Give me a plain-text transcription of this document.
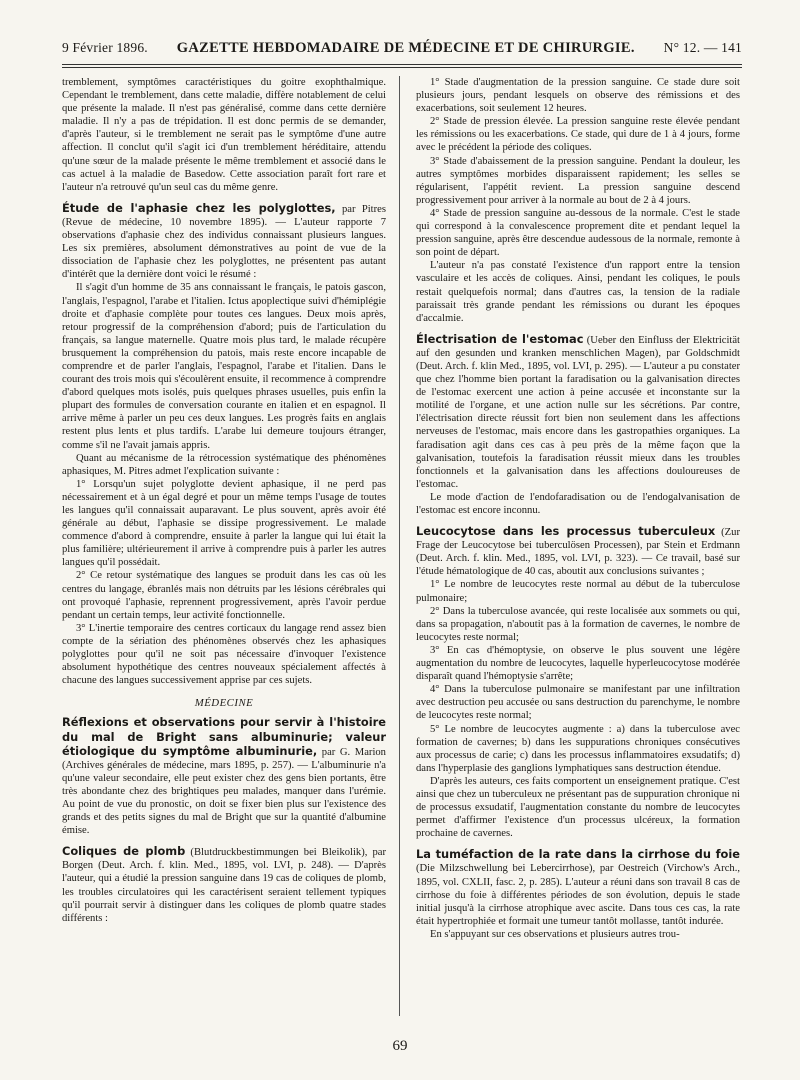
9 Février 1896. GAZETTE HEBDOMADAIRE DE MÉDECINE ET DE CHIRURGIE. N° 12. — 141

tremblement, symptômes caractéristiques du goitre exophthalmique. Cependant le tremblement, dans cette maladie, diffère notablement de celui que présente la malade. Il n'est pas généralisé, comme dans cette dernière maladie. Il n'y a pas de trépidation. Il est donc permis de se demander, d'après l'auteur, si le tremblement ne serait pas le symptôme d'une autre affection. Il conclut qu'il s'agit ici d'un tremblement héréditaire, attendu qu'une sœur de la malade présente le même tremblement et associé dans le cas actuel à la maladie de Basedow. Cette association paraît fort rare et l'auteur n'a retrouvé qu'un seul cas du même genre.

Étude de l'aphasie chez les polyglottes, par Pitres (Revue de médecine, 10 novembre 1895). — L'auteur rapporte 7 observations d'aphasie chez des individus connaissant plusieurs langues. Les six premières, absolument démonstratives au point de vue de la dissociation de l'aphasie chez les polyglottes, ne présentent pas autant d'intérêt que la dernière dont voici le résumé :

Il s'agit d'un homme de 35 ans connaissant le français, le patois gascon, l'anglais, l'espagnol, l'arabe et l'italien. Ictus apoplectique suivi d'hémiplégie droite et d'aphasie complète pour toutes ces langues. Deux mois après, retour progressif de la compréhension d'abord; puis de l'articulation du français, sa langue maternelle. Quatre mois plus tard, le malade récupère brusquement la compréhension du patois, mais reste encore incapable de comprendre et de parler l'anglais, l'espagnol, l'arabe et l'italien. Dans le courant des trois mois qui s'écoulèrent ensuite, il recommence à comprendre d'abord quelques mots isolés, puis quelques phrases usuelles, puis enfin la plupart des formules de conversation courante en italien et en espagnol. Il arrive même à parler un peu ces deux langues. Les progrès faits en anglais restent plus lents et plus tardifs. L'arabe lui demeure toujours étranger, comme s'il ne l'avait jamais appris.

Quant au mécanisme de la rétrocession systématique des phénomènes aphasiques, M. Pitres admet l'explication suivante :

1° Lorsqu'un sujet polyglotte devient aphasique, il ne perd pas nécessairement et à un égal degré et pour un même temps l'usage de toutes les langues qu'il connaissait auparavant. Le plus souvent, après avoir été générale au début, l'aphasie se dissipe progressivement. Le malade commence d'abord à comprendre, ensuite à parler la langue qui lui était la plus familière; ultérieurement il arrive à comprendre puis à parler les autres langues qu'il possédait.

2° Ce retour systématique des langues se produit dans les cas où les centres du langage, ébranlés mais non détruits par les lésions cérébrales qui ont provoqué l'aphasie, reprennent progressivement, après l'avoir perdue pendant un certain temps, leur activité fonctionnelle.

3° L'inertie temporaire des centres corticaux du langage rend assez bien compte de la sériation des phénomènes observés chez les aphasiques polyglottes pour qu'il ne soit pas nécessaire d'invoquer l'existence absolument hypothétique des centres nouveaux spécialement affectés à chacune des langues successivement apprise par ces sujets.

MÉDECINE

Réflexions et observations pour servir à l'histoire du mal de Bright sans albuminurie; valeur étiologique du symptôme albuminurie, par G. Marion (Archives générales de médecine, mars 1895, p. 257). — L'albuminurie n'a qu'une valeur secondaire, elle peut exister chez des gens bien portants, être très abondante chez des brightiques peu malades, manquer dans l'urémie. Au point de vue du pronostic, on doit se fixer bien plus sur l'existence des grands et des petits signes du mal de Bright que sur la quantité d'albumine émise.

Coliques de plomb (Blutdruckbestimmungen bei Bleikolik), par Borgen (Deut. Arch. f. klin. Med., 1895, vol. LVI, p. 248). — D'après l'auteur, qui a étudié la pression sanguine dans 19 cas de coliques de plomb, les troubles circulatoires qui les caractérisent seraient tellement typiques qu'il pourrait servir à distinguer dans les coliques de plomb quatre stades différents :

1° Stade d'augmentation de la pression sanguine. Ce stade dure soit plusieurs jours, pendant lesquels on observe des rémissions et des exacerbations, soit seulement 12 heures.

2° Stade de pression élevée. La pression sanguine reste élevée pendant les rémissions ou les exacerbations. Ce stade, qui dure de 1 à 4 jours, forme avec le précédent la période des coliques.

3° Stade d'abaissement de la pression sanguine. Pendant la douleur, les autres symptômes morbides disparaissent rapidement; les selles se régularisent, l'appétit revient. La pression sanguine descend progressivement pour arriver à la normale au bout de 2 à 4 jours.

4° Stade de pression sanguine au-dessous de la normale. C'est le stade qui correspond à la convalescence proprement dite et pendant lequel la pression sanguine, après être descendue audessous de la normale, remonte à son point de départ.

L'auteur n'a pas constaté l'existence d'un rapport entre la tension vasculaire et les accès de coliques. Ainsi, pendant les coliques, le pouls restait quelquefois normal; dans d'autres cas, la tension de la radiale paraissait très grande pendant les rémissions ou durant les époques d'accalmie.

Électrisation de l'estomac (Ueber den Einfluss der Elektricität auf den gesunden und kranken menschlichen Magen), par Goldschmidt (Deut. Arch. f. klin Med., 1895, vol. LVI, p. 295). — L'auteur a pu constater que chez l'homme bien portant la faradisation ou la galvanisation directes de l'estomac exercent une action à peine accusée et inconstante sur la motilité de l'organe, et une action nulle sur les sécrétions. Par contre, l'électrisation directe réussit fort bien non seulement dans les affections nerveuses de l'estomac, mais encore dans les gastropathies organiques. La faradisation agit dans ces cas à peu près de la même façon que la galvanisation, toutefois la faradisation réussit mieux dans les troubles fonctionnels et la galvanisation dans les affections douloureuses de l'estomac.

Le mode d'action de l'endofaradisation ou de l'endogalvanisation de l'estomac est encore inconnu.

Leucocytose dans les processus tuberculeux (Zur Frage der Leucocytose bei tuberculösen Processen), par Stein et Erdmann (Deut. Arch. f. klin. Med., 1895, vol. LVI, p. 323). — Ce travail, basé sur l'étude hématologique de 40 cas, aboutit aux conclusions suivantes ;

1° Le nombre de leucocytes reste normal au début de la tuberculose pulmonaire;

2° Dans la tuberculose avancée, qui reste localisée aux sommets ou qui, dans sa propagation, n'aboutit pas à la formation de cavernes, le nombre de leucocytes reste normal;

3° En cas d'hémoptysie, on observe le plus souvent une légère augmentation du nombre de leucocytes, laquelle hyperleucocytose modérée disparaît quand l'hémoptysie s'arrête;

4° Dans la tuberculose pulmonaire se manifestant par une infiltration avec destruction peu accusée ou sans destruction du parenchyme, le nombre de leucocytes reste normal;

5° Le nombre de leucocytes augmente : a) dans la tuberculose avec formation de cavernes; b) dans les suppurations chroniques consécutives aux processus de carie; c) dans les processus inflammatoires exsudatifs; d) dans l'hyperplasie des ganglions lymphatiques sans destruction étendue.

D'après les auteurs, ces faits comportent un enseignement pratique. C'est ainsi que chez un tuberculeux ne présentant pas de suppuration chronique ni de processus exsudatif, l'augmentation constante du nombre de leucocytes permet d'affirmer l'existence d'un processus ulcéreux, la formation prochaine de cavernes.

La tuméfaction de la rate dans la cirrhose du foie (Die Milzschwellung bei Lebercirrhose), par Oestreich (Virchow's Arch., 1895, vol. CXLII, fasc. 2, p. 285). L'auteur a réuni dans son travail 8 cas de cirrhose du foie à différentes périodes de son évolution, depuis le stade initial jusqu'à la cirrhose atrophique avec ascite. Dans tous ces cas, la rate était hypertrophiée et formait une tumeur tantôt mollasse, tantôt indurée.

En s'appuyant sur ces observations et plusieurs autres trou-

69
